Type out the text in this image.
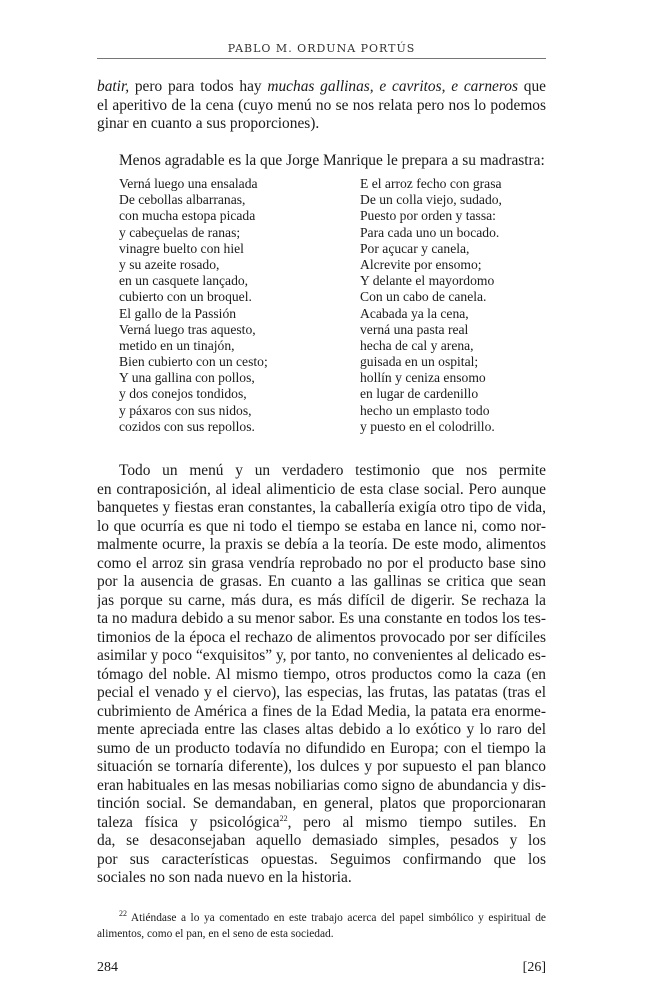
PABLO M. ORDUNA PORTÚS
batir, pero para todos hay muchas gallinas, e cavritos, e carneros que
el aperitivo de la cena (cuyo menú no se nos relata pero nos lo podemos
ginar en cuanto a sus proporciones).
Menos agradable es la que Jorge Manrique le prepara a su madrastra:
Verná luego una ensalada
De cebollas albarranas,
con mucha estopa picada
y cabeçuelas de ranas;
vinagre buelto con hiel
y su azeite rosado,
en un casquete lançado,
cubierto con un broquel.
El gallo de la Passión
Verná luego tras aquesto,
metido en un tinajón,
Bien cubierto con un cesto;
Y una gallina con pollos,
y dos conejos tondidos,
y páxaros con sus nidos,
cozidos con sus repollos.
E el arroz fecho con grasa
De un colla viejo, sudado,
Puesto por orden y tassa:
Para cada uno un bocado.
Por açucar y canela,
Alcrevite por ensomo;
Y delante el mayordomo
Con un cabo de canela.
Acabada ya la cena,
verná una pasta real
hecha de cal y arena,
guisada en un ospital;
hollín y ceniza ensomo
en lugar de cardenillo
hecho un emplasto todo
y puesto en el colodrillo.
Todo un menú y un verdadero testimonio que nos permite
en contraposición, al ideal alimenticio de esta clase social. Pero aunque
banquetes y fiestas eran constantes, la caballería exigía otro tipo de vida,
lo que ocurría es que ni todo el tiempo se estaba en lance ni, como nor-
malmente ocurre, la praxis se debía a la teoría. De este modo, alimentos
como el arroz sin grasa vendría reprobado no por el producto base sino
por la ausencia de grasas. En cuanto a las gallinas se critica que sean
jas porque su carne, más dura, es más difícil de digerir. Se rechaza la
ta no madura debido a su menor sabor. Es una constante en todos los tes-
timonios de la época el rechazo de alimentos provocado por ser difíciles
asimilar y poco “exquisitos” y, por tanto, no convenientes al delicado es-
tómago del noble. Al mismo tiempo, otros productos como la caza (en
pecial el venado y el ciervo), las especias, las frutas, las patatas (tras el
cubrimiento de América a fines de la Edad Media, la patata era enorme-
mente apreciada entre las clases altas debido a lo exótico y lo raro del
sumo de un producto todavía no difundido en Europa; con el tiempo la
situación se tornaría diferente), los dulces y por supuesto el pan blanco
eran habituales en las mesas nobiliarias como signo de abundancia y dis-
tinción social. Se demandaban, en general, platos que proporcionaran
taleza física y psicológica$^{22}$, pero al mismo tiempo sutiles. En
da, se desaconsejaban aquello demasiado simples, pesados y los
por sus características opuestas. Seguimos confirmando que los
sociales no son nada nuevo en la historia.
$^{22}$ Atiéndase a lo ya comentado en este trabajo acerca del papel simbólico y espiritual de
alimentos, como el pan, en el seno de esta sociedad.
284	[26]
